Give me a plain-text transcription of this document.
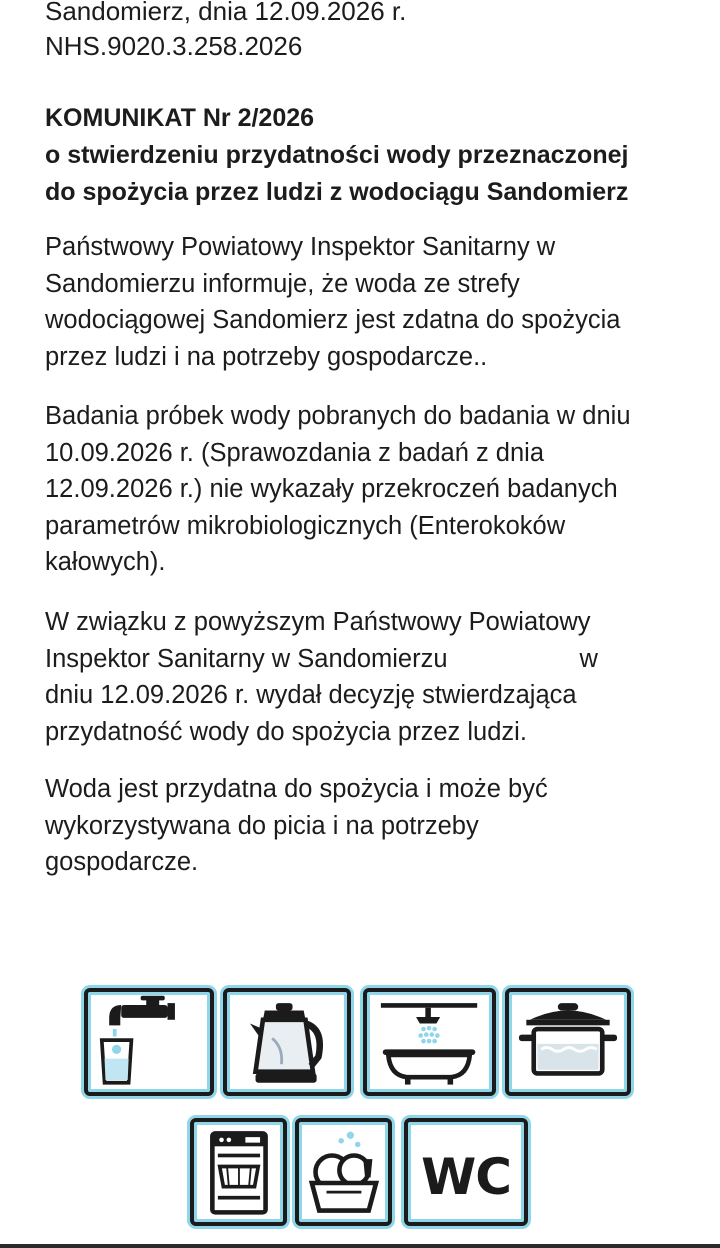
Sandomierz, dnia 12.09.2026 r.
NHS.9020.3.258.2026
KOMUNIKAT Nr 2/2026
o stwierdzeniu przydatności wody przeznaczonej
do spożycia przez ludzi z wodociągu Sandomierz
Państwowy Powiatowy Inspektor Sanitarny w
Sandomierzu informuje, że woda ze strefy
wodociągowej Sandomierz jest zdatna do spożycia
przez ludzi i na potrzeby gospodarcze..
Badania próbek wody pobranych do badania w dniu
10.09.2026 r. (Sprawozdania z badań z dnia
12.09.2026 r.) nie wykazały przekroczeń badanych
parametrów mikrobiologicznych (Enterokoków
kałowych).
W związku z powyższym Państwowy Powiatowy
Inspektor Sanitarny w Sandomierzu	w
dniu 12.09.2026 r. wydał decyzję stwierdzająca
przydatność wody do spożycia przez ludzi.
Woda jest przydatna do spożycia i może być
wykorzystywana do picia i na potrzeby
gospodarcze.
WC
